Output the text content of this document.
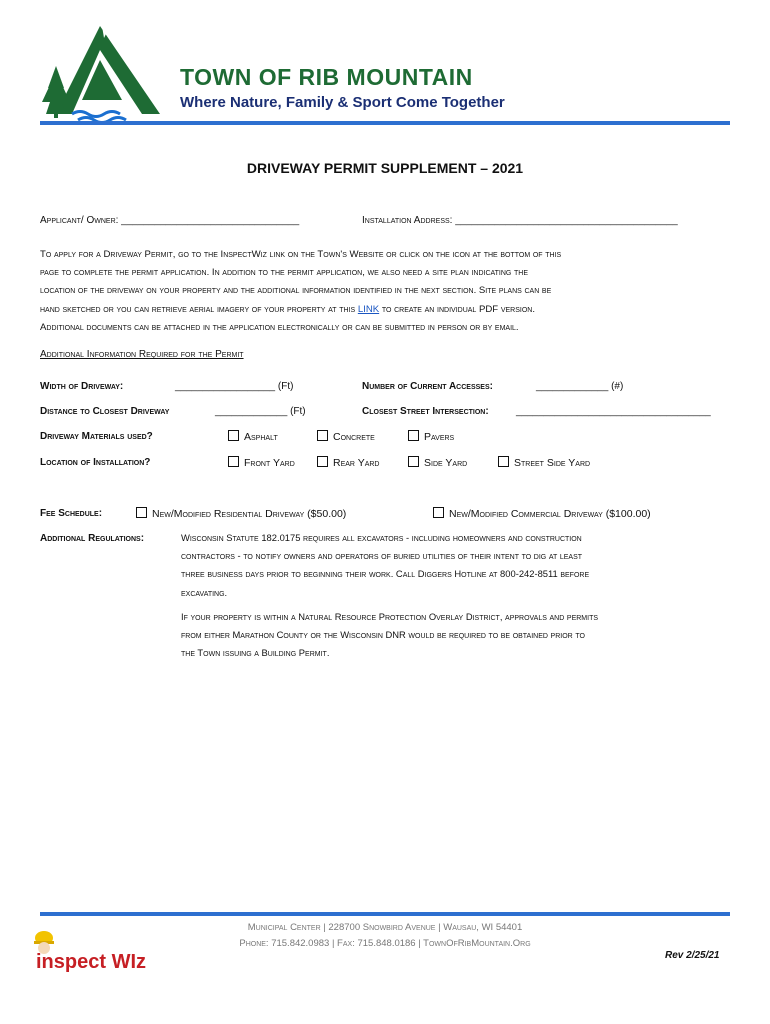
TOWN OF RIB MOUNTAIN
Where Nature, Family & Sport Come Together
DRIVEWAY PERMIT SUPPLEMENT – 2021
Applicant/ Owner: ________________________________	Installation Address: ________________________________________
To apply for a Driveway Permit, go to the InspectWiz link on the Town's Website or click on the icon at the bottom of this
page to complete the permit application. In addition to the permit application, we also need a site plan indicating the
location of the driveway on your property and the additional information identified in the next section. Site plans can be
hand sketched or you can retrieve aerial imagery of your property at this LINK to create an individual PDF version.
Additional documents can be attached in the application electronically or can be submitted in person or by email.
Additional Information Required for the Permit
Width of Driveway:	__________________ (Ft)	Number of Current Accesses:	_____________ (#)
Distance to Closest Driveway	_____________ (Ft)	Closest Street Intersection:	___________________________________
Driveway Materials used?	Asphalt	Concrete	Pavers
Location of Installation?	Front Yard	Rear Yard	Side Yard	Street Side Yard
Fee Schedule:	New/Modified Residential Driveway ($50.00)	New/Modified Commercial Driveway ($100.00)
Additional Regulations:	Wisconsin Statute 182.0175 requires all excavators - including homeowners and construction
contractors - to notify owners and operators of buried utilities of their intent to dig at least
three business days prior to beginning their work. Call Diggers Hotline at 800-242-8511 before
excavating.
If your property is within a Natural Resource Protection Overlay District, approvals and permits
from either Marathon County or the Wisconsin DNR would be required to be obtained prior to
the Town issuing a Building Permit.
inspect WIz
Municipal Center | 228700 Snowbird Avenue | Wausau, WI 54401
Phone: 715.842.0983 | Fax: 715.848.0186 | TownOfRibMountain.Org
Rev 2/25/21
